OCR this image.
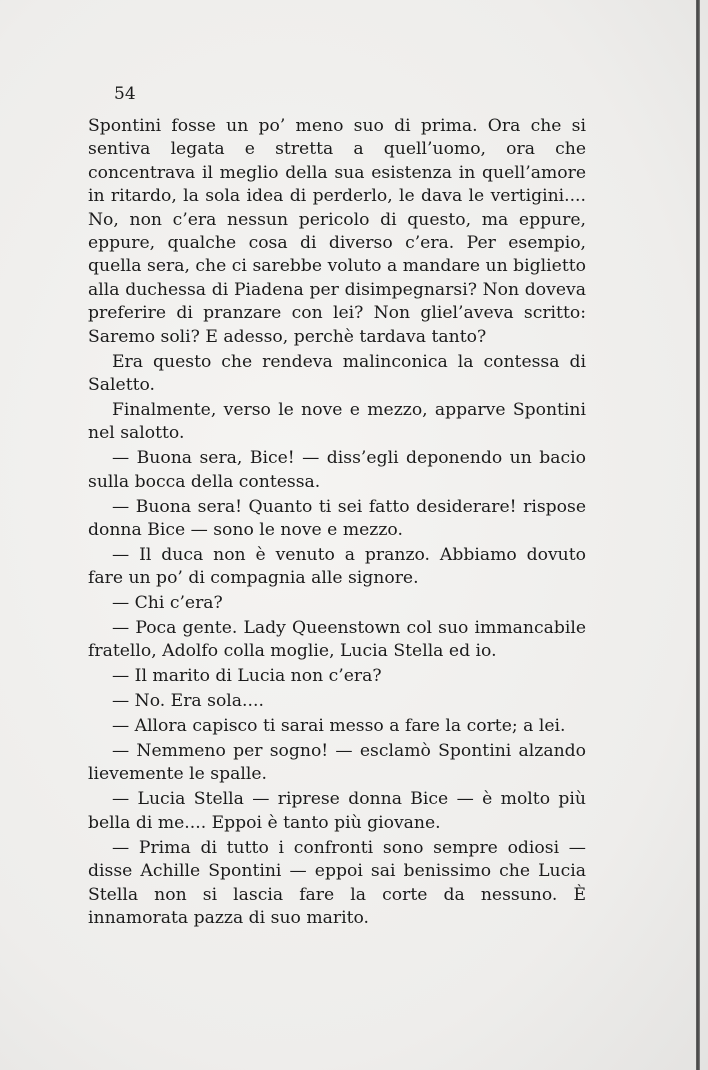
54

Spontini fosse un po’ meno suo di prima. Ora che si sentiva legata e stretta a quell’uomo, ora che concentrava il meglio della sua esistenza in quell’amore in ritardo, la sola idea di perderlo, le dava le vertigini.... No, non c’era nessun pericolo di questo, ma eppure, eppure, qualche cosa di diverso c’era. Per esempio, quella sera, che ci sarebbe voluto a mandare un biglietto alla duchessa di Piadena per disimpegnarsi? Non doveva preferire di pranzare con lei? Non gliel’aveva scritto: Saremo soli? E adesso, perchè tardava tanto?

Era questo che rendeva malinconica la contessa di Saletto.

Finalmente, verso le nove e mezzo, apparve Spontini nel salotto.

— Buona sera, Bice! — diss’egli deponendo un bacio sulla bocca della contessa.

— Buona sera! Quanto ti sei fatto desiderare! rispose donna Bice — sono le nove e mezzo.

— Il duca non è venuto a pranzo. Abbiamo dovuto fare un po’ di compagnia alle signore.

— Chi c’era?

— Poca gente. Lady Queenstown col suo immancabile fratello, Adolfo colla moglie, Lucia Stella ed io.

— Il marito di Lucia non c’era?

— No. Era sola....

— Allora capisco ti sarai messo a fare la corte; a lei.

— Nemmeno per sogno! — esclamò Spontini alzando lievemente le spalle.

— Lucia Stella — riprese donna Bice — è molto più bella di me.... Eppoi è tanto più giovane.

— Prima di tutto i confronti sono sempre odiosi — disse Achille Spontini — eppoi sai benissimo che Lucia Stella non si lascia fare la corte da nessuno. È innamorata pazza di suo marito.
